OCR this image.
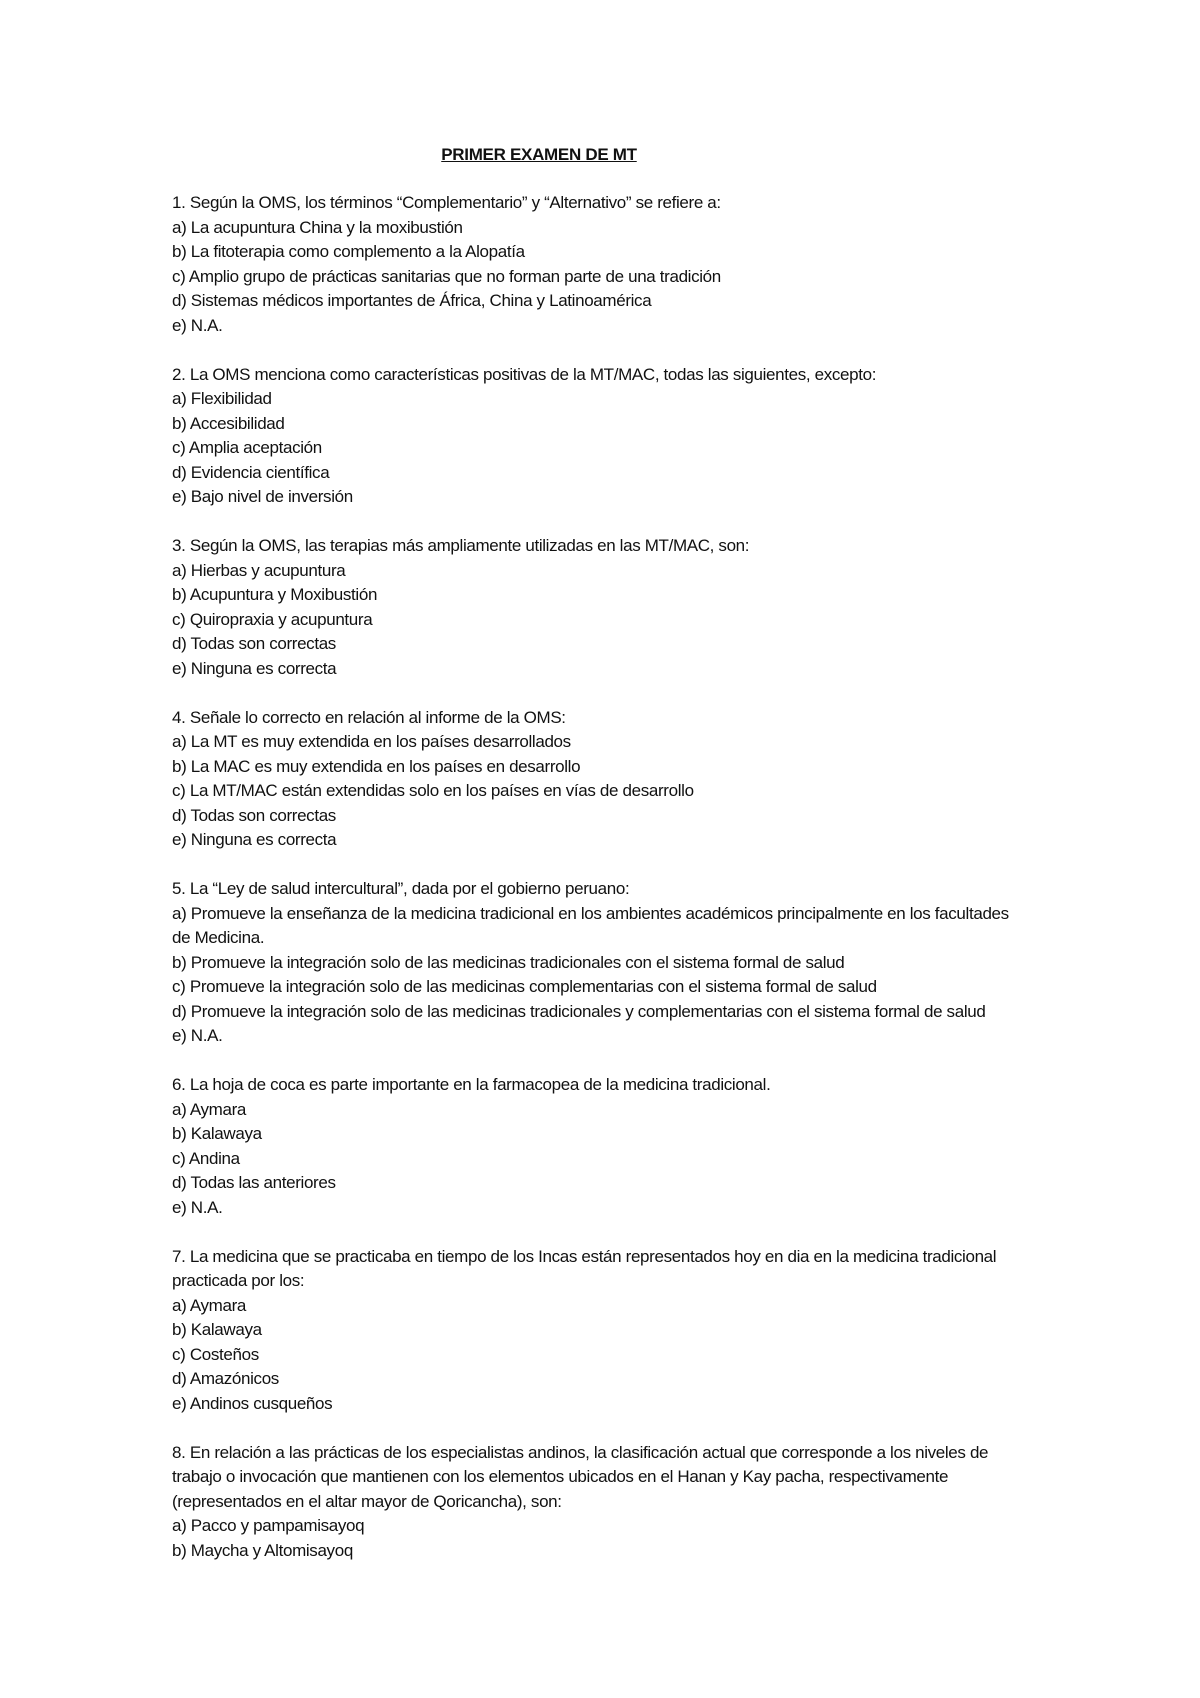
PRIMER EXAMEN DE MT

1. Según la OMS, los términos “Complementario” y “Alternativo” se refiere a:

a) La acupuntura China y la moxibustión
b) La fitoterapia como complemento a la Alopatía
c) Amplio grupo de prácticas sanitarias que no forman parte de una tradición
d) Sistemas médicos importantes de África, China y Latinoamérica
e) N.A.

2. La OMS menciona como características positivas de la MT/MAC, todas las siguientes, excepto:

a) Flexibilidad
b) Accesibilidad
c) Amplia aceptación
d) Evidencia científica
e) Bajo nivel de inversión

3. Según la OMS, las terapias más ampliamente utilizadas en las MT/MAC, son:

a) Hierbas y acupuntura
b) Acupuntura y Moxibustión
c) Quiropraxia y acupuntura
d) Todas son correctas
e) Ninguna es correcta

4. Señale lo correcto en relación al informe de la OMS:

a) La MT es muy extendida en los países desarrollados
b) La MAC es muy extendida en los países en desarrollo
c) La MT/MAC están extendidas solo en los países en vías de desarrollo
d) Todas son correctas
e) Ninguna es correcta

5. La “Ley de salud intercultural”, dada por el gobierno peruano:

a) Promueve la enseñanza de la medicina tradicional en los ambientes académicos principalmente en los facultades
de Medicina.
b) Promueve la integración solo de las medicinas tradicionales con el sistema formal de salud
c) Promueve la integración solo de las medicinas complementarias con el sistema formal de salud
d) Promueve la integración solo de las medicinas tradicionales y complementarias con el sistema formal de salud
e) N.A.

6. La hoja de coca es parte importante en la farmacopea de la medicina tradicional.

a) Aymara
b) Kalawaya
c) Andina
d) Todas las anteriores
e) N.A.

7. La medicina que se practicaba en tiempo de los Incas están representados hoy en dia en la medicina tradicional

practicada por los:

a) Aymara
b) Kalawaya
c) Costeños
d) Amazónicos
e) Andinos cusqueños

8. En relación a las prácticas de los especialistas andinos, la clasificación actual que corresponde a los niveles de

trabajo o invocación que mantienen con los elementos ubicados en el Hanan y Kay pacha, respectivamente

(representados en el altar mayor de Qoricancha), son:

a) Pacco y pampamisayoq
b) Maycha y Altomisayoq
